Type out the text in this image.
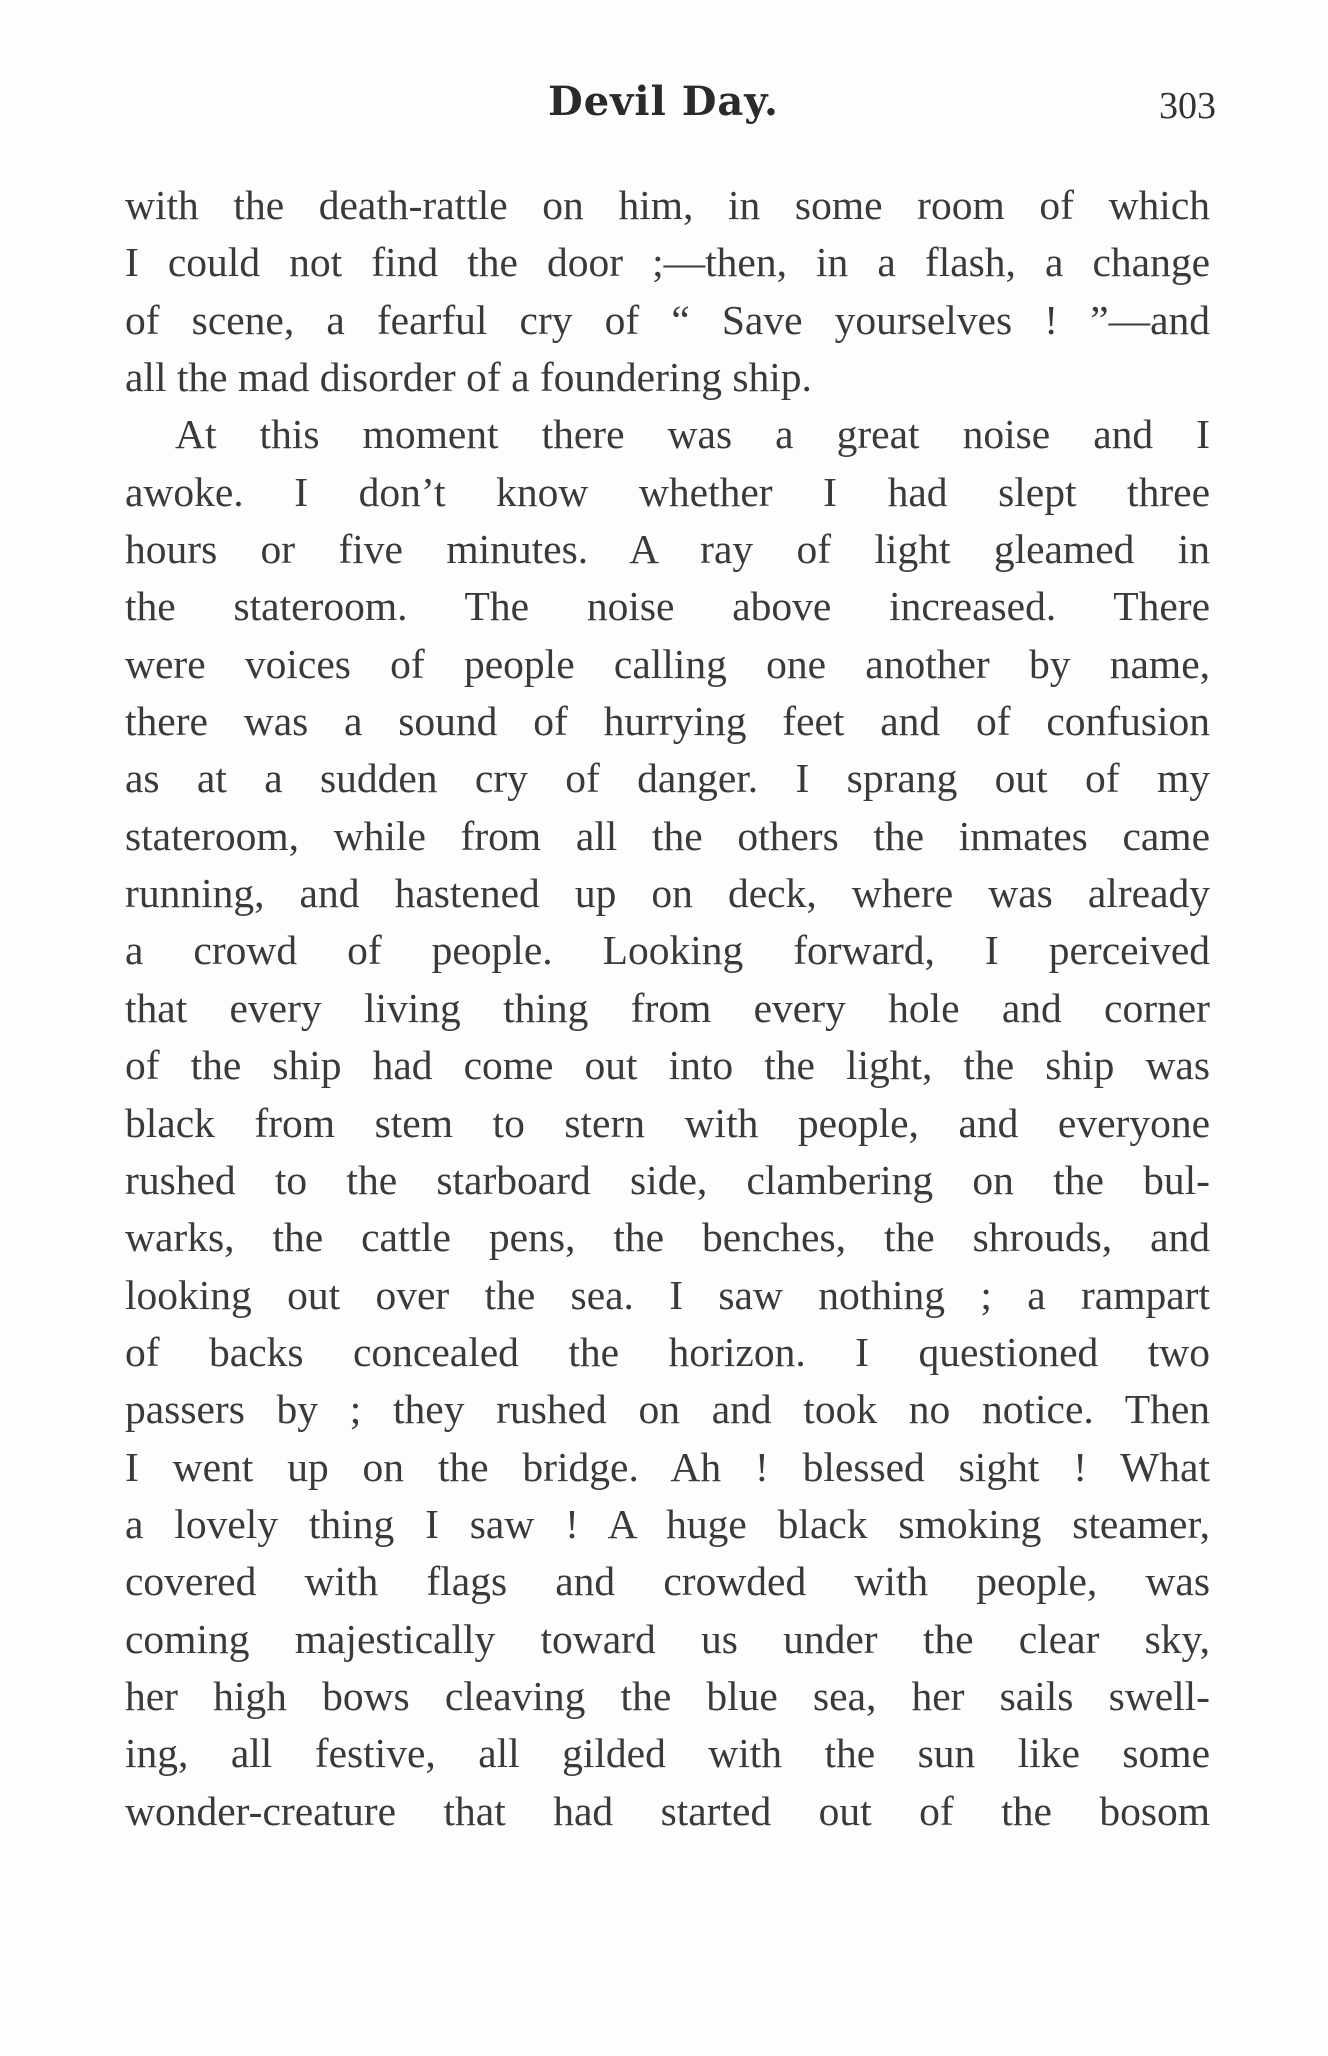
Devil Day.	303
with the death-rattle on him, in some room of which
I could not find the door ;—then, in a flash, a change
of scene, a fearful cry of “ Save yourselves ! ”—and
all the mad disorder of a foundering ship.
At this moment there was a great noise and I
awoke. I don’t know whether I had slept three
hours or five minutes. A ray of light gleamed in
the stateroom. The noise above increased. There
were voices of people calling one another by name,
there was a sound of hurrying feet and of confusion
as at a sudden cry of danger. I sprang out of my
stateroom, while from all the others the inmates came
running, and hastened up on deck, where was already
a crowd of people. Looking forward, I perceived
that every living thing from every hole and corner
of the ship had come out into the light, the ship was
black from stem to stern with people, and everyone
rushed to the starboard side, clambering on the bul-
warks, the cattle pens, the benches, the shrouds, and
looking out over the sea. I saw nothing ; a rampart
of backs concealed the horizon. I questioned two
passers by ; they rushed on and took no notice. Then
I went up on the bridge. Ah ! blessed sight ! What
a lovely thing I saw ! A huge black smoking steamer,
covered with flags and crowded with people, was
coming majestically toward us under the clear sky,
her high bows cleaving the blue sea, her sails swell-
ing, all festive, all gilded with the sun like some
wonder-creature that had started out of the bosom
